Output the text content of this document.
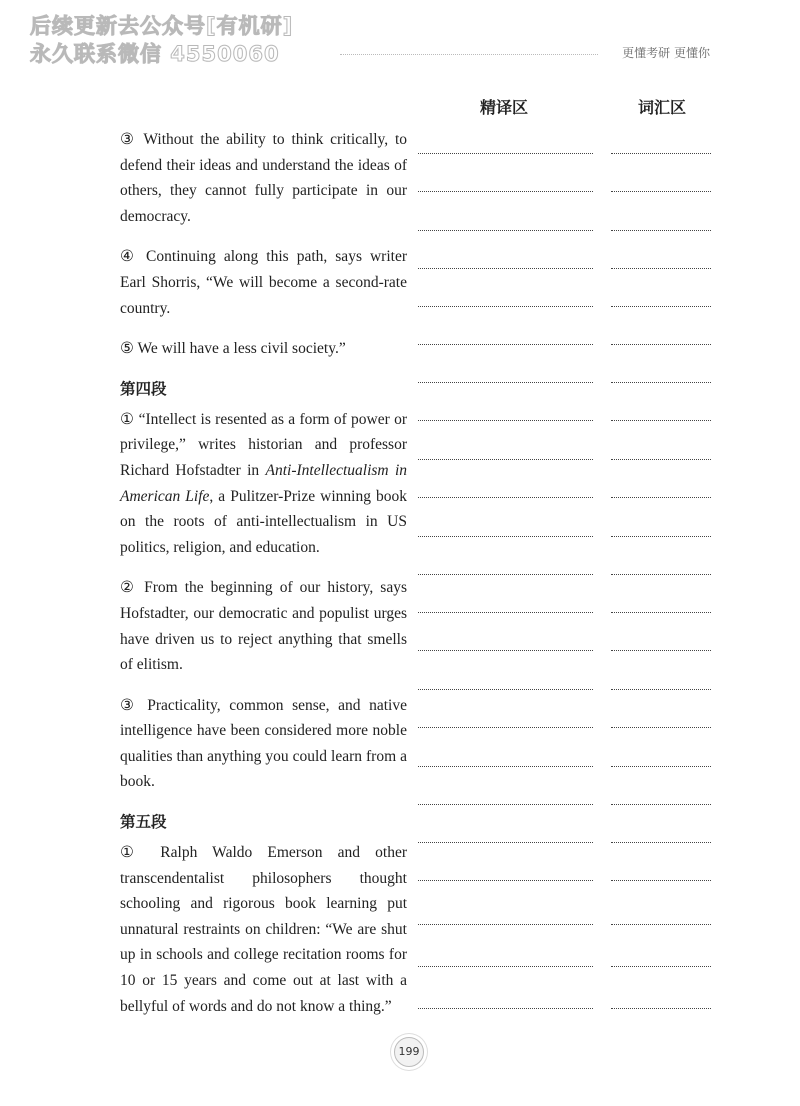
后续更新去公众号[有机研]
永久联系微信 4550060	更懂考研 更懂你
精译区	词汇区

③ Without the ability to think critically, to defend their ideas and understand the ideas of others, they cannot fully participate in our democracy.

④ Continuing along this path, says writer Earl Shorris, “We will become a second-rate country.

⑤ We will have a less civil society.”

第四段

① “Intellect is resented as a form of power or privilege,” writes historian and professor Richard Hofstadter in Anti-Intellectualism in American Life, a Pulitzer-Prize winning book on the roots of anti-intellectualism in US politics, religion, and education.

② From the beginning of our history, says Hofstadter, our democratic and populist urges have driven us to reject anything that smells of elitism.

③ Practicality, common sense, and native intelligence have been considered more noble qualities than anything you could learn from a book.

第五段

① Ralph Waldo Emerson and other transcendentalist philosophers thought schooling and rigorous book learning put unnatural restraints on children: “We are shut up in schools and college recitation rooms for 10 or 15 years and come out at last with a bellyful of words and do not know a thing.”

199
